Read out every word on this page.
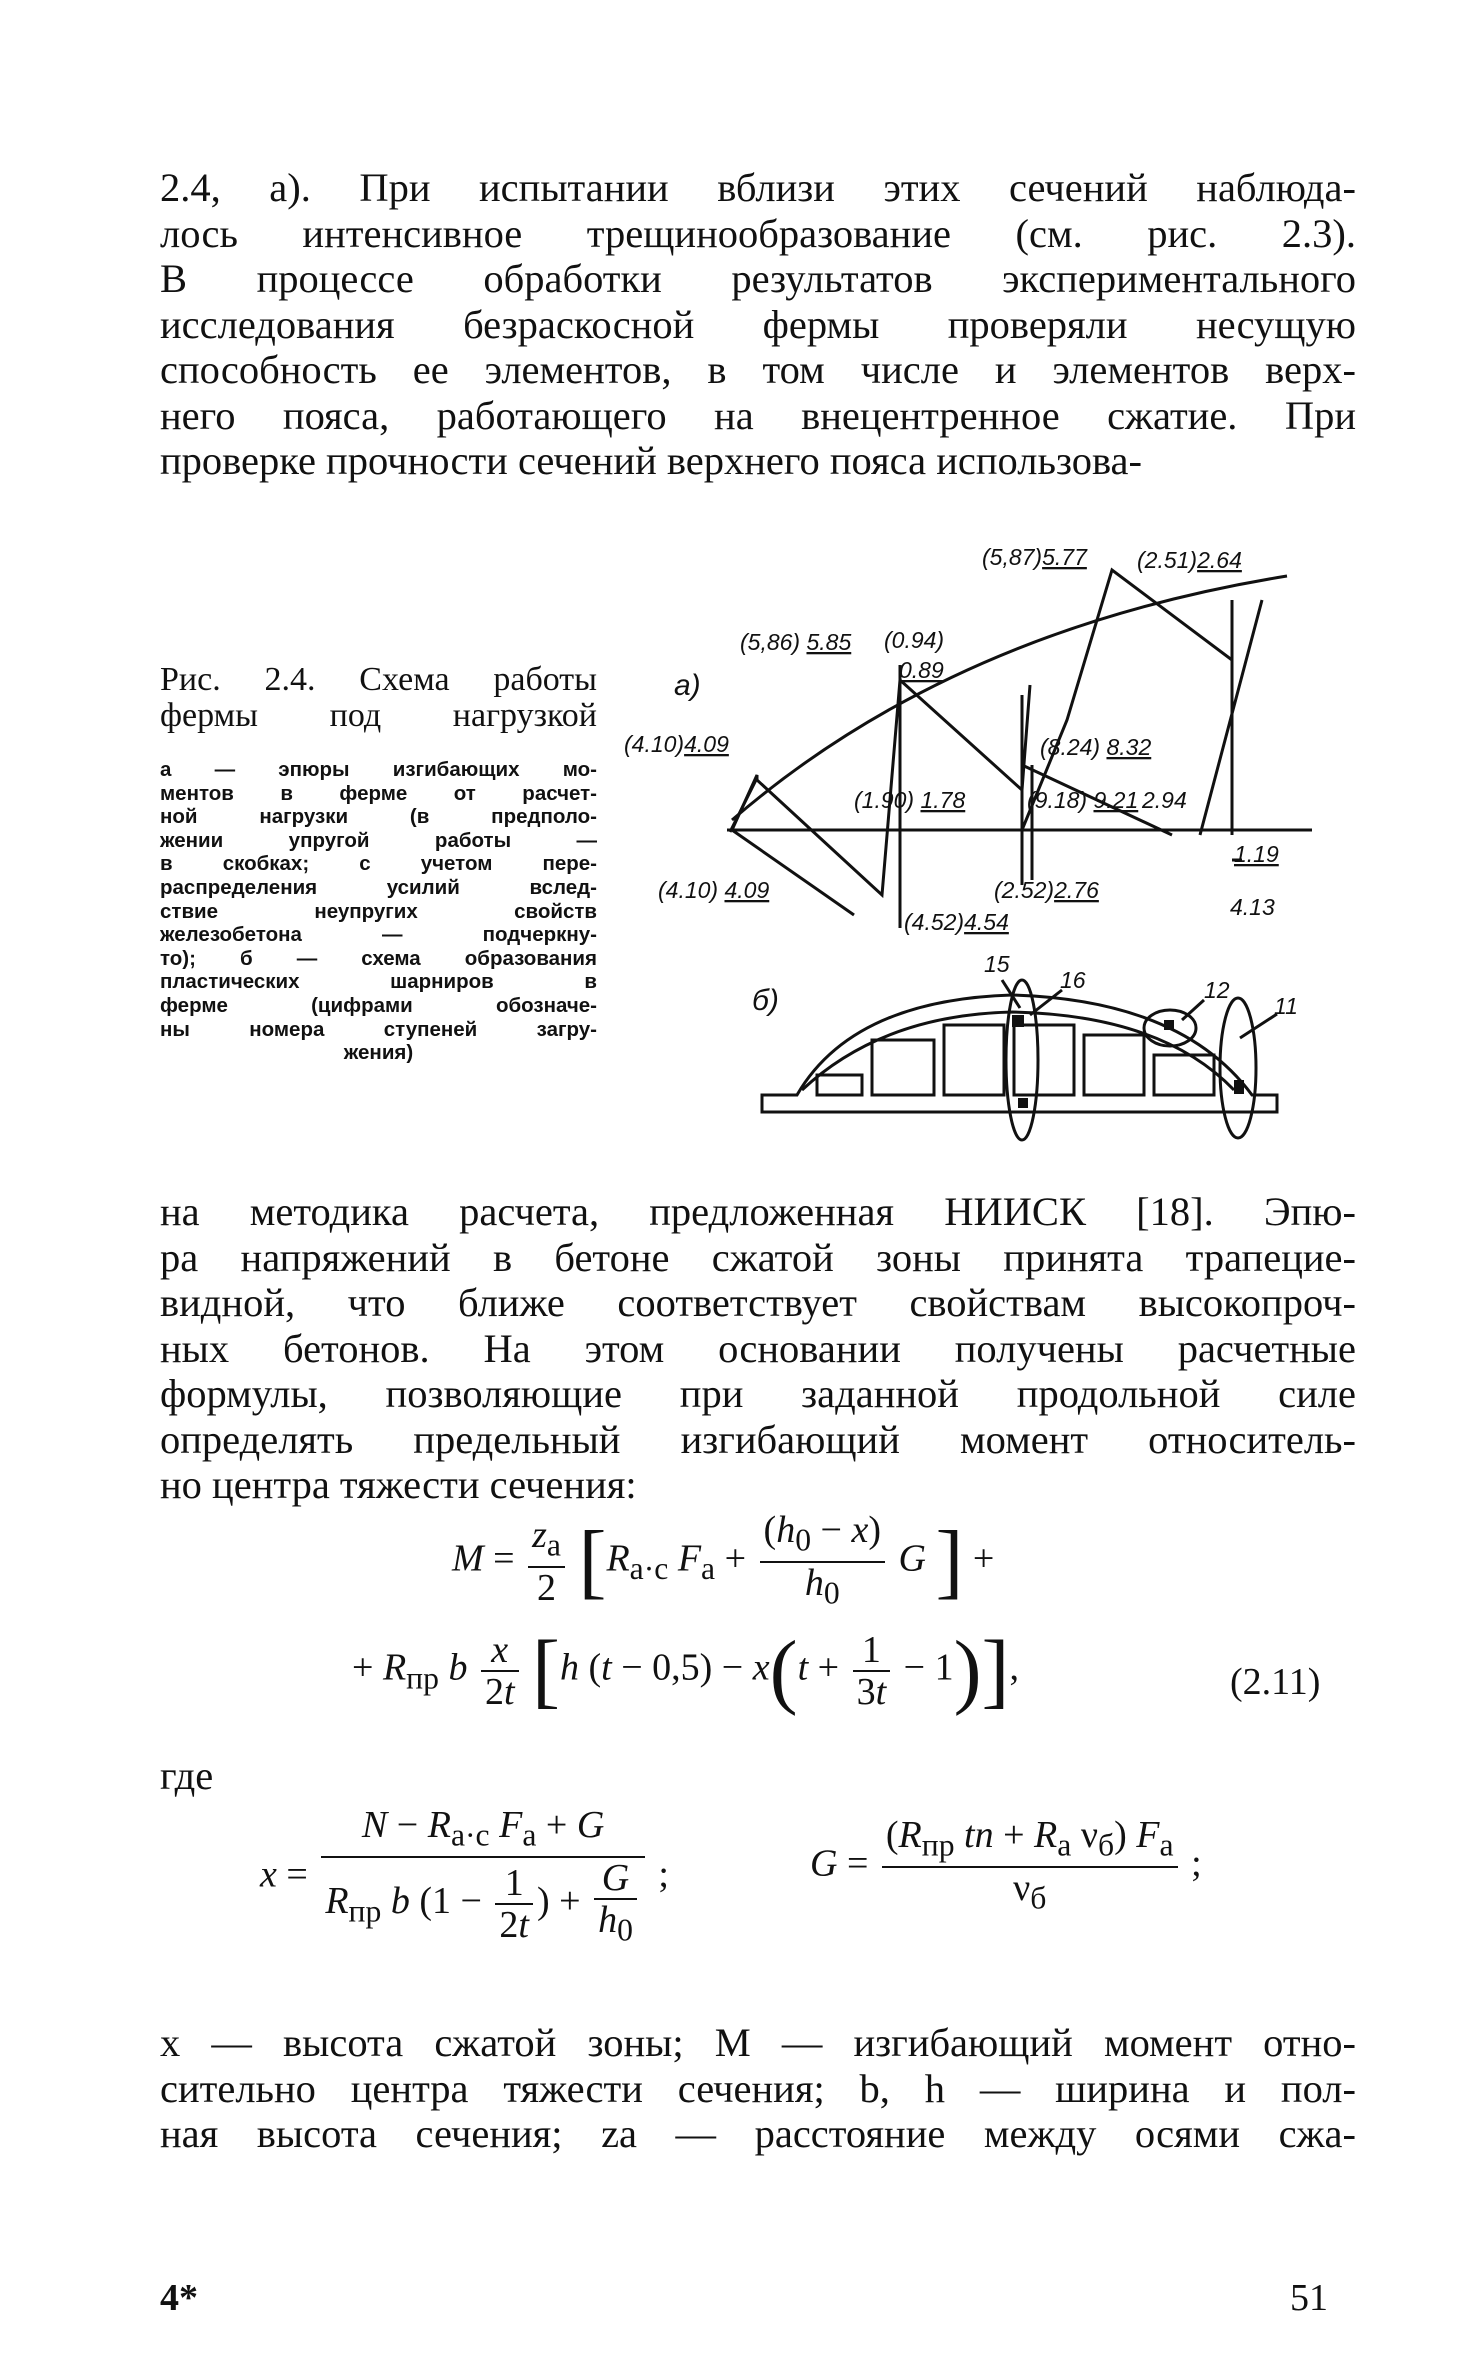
2.4, а). При испытании вблизи этих сечений наблюда-
лось интенсивное трещинообразование (см. рис. 2.3).
В процессе обработки результатов экспериментального
исследования безраскосной фермы проверяли несущую
способность ее элементов, в том числе и элементов верх-
него пояса, работающего на внецентренное сжатие. При
проверке прочности сечений верхнего пояса использова-
Рис. 2.4. Схема работы
фермы под нагрузкой
а — эпюры изгибающих мо-
ментов в ферме от расчет-
ной нагрузки (в предполо-
жении упругой работы —
в скобках; с учетом пере-
распределения усилий вслед-
ствие неупругих свойств
железобетона — подчеркну-
то); б — схема образования
пластических шарниров в
ферме (цифрами обозначе-
ны номера ступеней загру-
жения)
(5,87)5.77 (2.51)2.64
(5,86) 5.85 (0.94)
0.89
(4.10)4.09	(8.24) 8.32
(1.90) 1.78	(9.18) 9.21 2.94
1.19
(4.10) 4.09	(2.52)2.76
(4.52)4.54
4.13
а)
б)
15
16	12
11
на методика расчета, предложенная НИИСК [18]. Эпю-
ра напряжений в бетоне сжатой зоны принята трапецие-
видной, что ближе соответствует свойствам высокопроч-
ных бетонов. На этом основании получены расчетные
формулы, позволяющие при заданной продольной силе
определять предельный изгибающий момент относитель-
но центра тяжести сечения:
$M = \frac{z_а}{2} [R_{а\cdot с}$ $F_а + \frac{(h_0 - x)}{h_0}$ G ] +
+ $R_{пр}$ b $\frac{x}{2t} [h$ $(t - 0,5) - x(t + \frac{1}{3t} - 1)$],	(2.11)
где
$x = \frac{N - R_{а\cdot с} F_а + G}{R_{пр} b (1 - \frac{1}{2t} ) + \frac{G}{h_0}}$ ;	$G = \frac{(R_{пр} tn + R_а \nu_б) F_а}{\nu_б}$ ;
x — высота сжатой зоны; M — изгибающий момент отно-
сительно центра тяжести сечения; b, h — ширина и пол-
ная высота сечения; zа — расстояние между осями сжа-
4*	51
